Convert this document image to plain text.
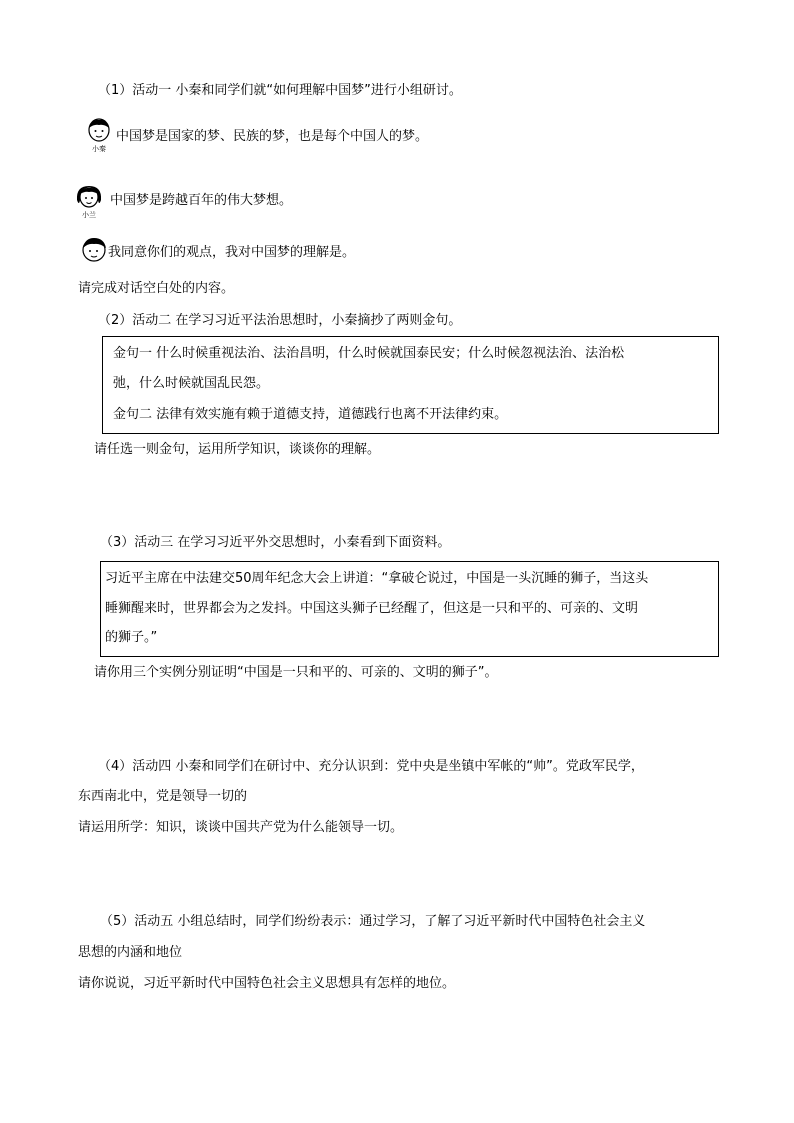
（1）活动一 小秦和同学们就“如何理解中国梦”进行小组研讨。
小秦
中国梦是国家的梦、民族的梦，也是每个中国人的梦。
小兰
中国梦是跨越百年的伟大梦想。
我同意你们的观点，我对中国梦的理解是。
请完成对话空白处的内容。
（2）活动二 在学习习近平法治思想时，小秦摘抄了两则金句。
金句一 什么时候重视法治、法治昌明，什么时候就国泰民安；什么时候忽视法治、法治松
弛，什么时候就国乱民怨。
金句二 法律有效实施有赖于道德支持，道德践行也离不开法律约束。
请任选一则金句，运用所学知识，谈谈你的理解。
（3）活动三 在学习习近平外交思想时，小秦看到下面资料。
习近平主席在中法建交50周年纪念大会上讲道：“拿破仑说过，中国是一头沉睡的狮子，当这头
睡狮醒来时，世界都会为之发抖。中国这头狮子已经醒了，但这是一只和平的、可亲的、文明
的狮子。”
请你用三个实例分别证明“中国是一只和平的、可亲的、文明的狮子”。
（4）活动四 小秦和同学们在研讨中、充分认识到：党中央是坐镇中军帐的“帅”。党政军民学，
东西南北中，党是领导一切的
请运用所学：知识，谈谈中国共产党为什么能领导一切。
（5）活动五 小组总结时，同学们纷纷表示：通过学习，了解了习近平新时代中国特色社会主义
思想的内涵和地位
请你说说，习近平新时代中国特色社会主义思想具有怎样的地位。
